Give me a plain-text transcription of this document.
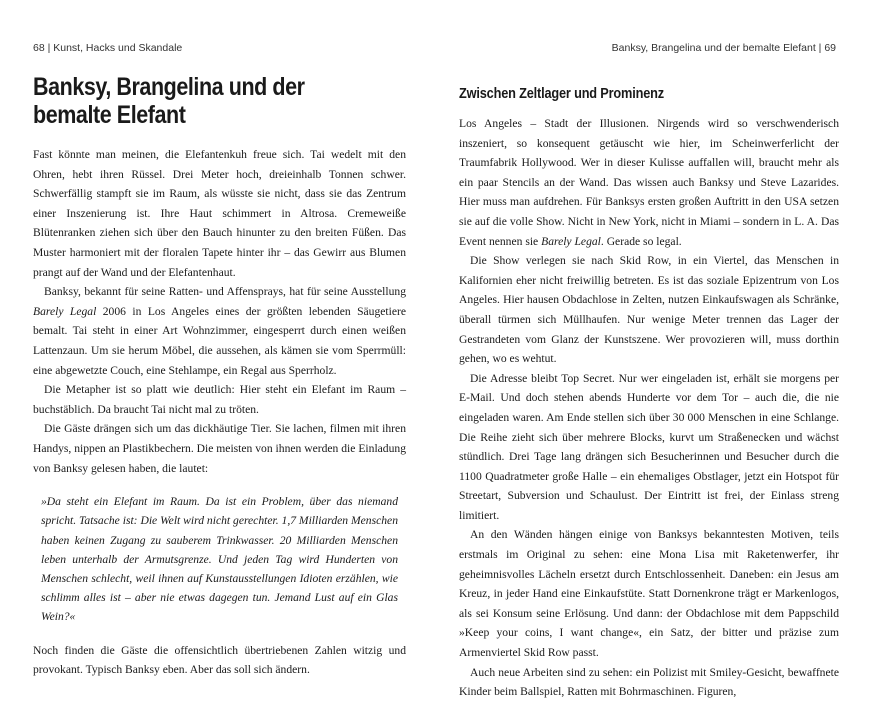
68 | Kunst, Hacks und Skandale
Banksy, Brangelina und der bemalte Elefant

Fast könnte man meinen, die Elefantenkuh freue sich. Tai wedelt mit den Ohren, hebt ihren Rüssel. Drei Meter hoch, dreieinhalb Tonnen schwer. Schwerfällig stampft sie im Raum, als wüsste sie nicht, dass sie das Zentrum einer Inszenierung ist. Ihre Haut schimmert in Altrosa. Cremeweiße Blütenranken ziehen sich über den Bauch hinunter zu den breiten Füßen. Das Muster harmoniert mit der floralen Tapete hinter ihr – das Gewirr aus Blumen prangt auf der Wand und der Elefantenhaut.

Banksy, bekannt für seine Ratten- und Affensprays, hat für seine Ausstellung Barely Legal 2006 in Los Angeles eines der größten lebenden Säugetiere bemalt. Tai steht in einer Art Wohnzimmer, eingesperrt durch einen weißen Lattenzaun. Um sie herum Möbel, die aussehen, als kämen sie vom Sperrmüll: eine abgewetzte Couch, eine Stehlampe, ein Regal aus Sperrholz.

Die Metapher ist so platt wie deutlich: Hier steht ein Elefant im Raum – buchstäblich. Da braucht Tai nicht mal zu tröten.

Die Gäste drängen sich um das dickhäutige Tier. Sie lachen, filmen mit ihren Handys, nippen an Plastikbechern. Die meisten von ihnen werden die Einladung von Banksy gelesen haben, die lautet:

»Da steht ein Elefant im Raum. Da ist ein Problem, über das niemand spricht. Tatsache ist: Die Welt wird nicht gerechter. 1,7 Milliarden Menschen haben keinen Zugang zu sauberem Trinkwasser. 20 Milliarden Menschen leben unterhalb der Armutsgrenze. Und jeden Tag wird Hunderten von Menschen schlecht, weil ihnen auf Kunstausstellungen Idioten erzählen, wie schlimm alles ist – aber nie etwas dagegen tun. Jemand Lust auf ein Glas Wein?«

Noch finden die Gäste die offensichtlich übertriebenen Zahlen witzig und provokant. Typisch Banksy eben. Aber das soll sich ändern.

Banksy, Brangelina und der bemalte Elefant | 69
Zwischen Zeltlager und Prominenz

Los Angeles – Stadt der Illusionen. Nirgends wird so verschwenderisch inszeniert, so konsequent getäuscht wie hier, im Scheinwerferlicht der Traumfabrik Hollywood. Wer in dieser Kulisse auffallen will, braucht mehr als ein paar Stencils an der Wand. Das wissen auch Banksy und Steve Lazarides. Hier muss man aufdrehen. Für Banksys ersten großen Auftritt in den USA setzen sie auf die volle Show. Nicht in New York, nicht in Miami – sondern in L. A. Das Event nennen sie Barely Legal. Gerade so legal.

Die Show verlegen sie nach Skid Row, in ein Viertel, das Menschen in Kalifornien eher nicht freiwillig betreten. Es ist das soziale Epizentrum von Los Angeles. Hier hausen Obdachlose in Zelten, nutzen Einkaufswagen als Schränke, überall türmen sich Müllhaufen. Nur wenige Meter trennen das Lager der Gestrandeten vom Glanz der Kunstszene. Wer provozieren will, muss dorthin gehen, wo es wehtut.

Die Adresse bleibt Top Secret. Nur wer eingeladen ist, erhält sie morgens per E-Mail. Und doch stehen abends Hunderte vor dem Tor – auch die, die nie eingeladen waren. Am Ende stellen sich über 30 000 Menschen in eine Schlange. Die Reihe zieht sich über mehrere Blocks, kurvt um Straßenecken und wächst stündlich. Drei Tage lang drängen sich Besucherinnen und Besucher durch die 1100 Quadratmeter große Halle – ein ehemaliges Obstlager, jetzt ein Hotspot für Streetart, Subversion und Schaulust. Der Eintritt ist frei, der Einlass streng limitiert.

An den Wänden hängen einige von Banksys bekanntesten Motiven, teils erstmals im Original zu sehen: eine Mona Lisa mit Raketenwerfer, ihr geheimnisvolles Lächeln ersetzt durch Entschlossenheit. Daneben: ein Jesus am Kreuz, in jeder Hand eine Einkaufstüte. Statt Dornenkrone trägt er Markenlogos, als sei Konsum seine Erlösung. Und dann: der Obdachlose mit dem Pappschild »Keep your coins, I want change«, ein Satz, der bitter und präzise zum Armenviertel Skid Row passt.

Auch neue Arbeiten sind zu sehen: ein Polizist mit Smiley-Gesicht, bewaffnete Kinder beim Ballspiel, Ratten mit Bohrmaschinen. Figuren,
